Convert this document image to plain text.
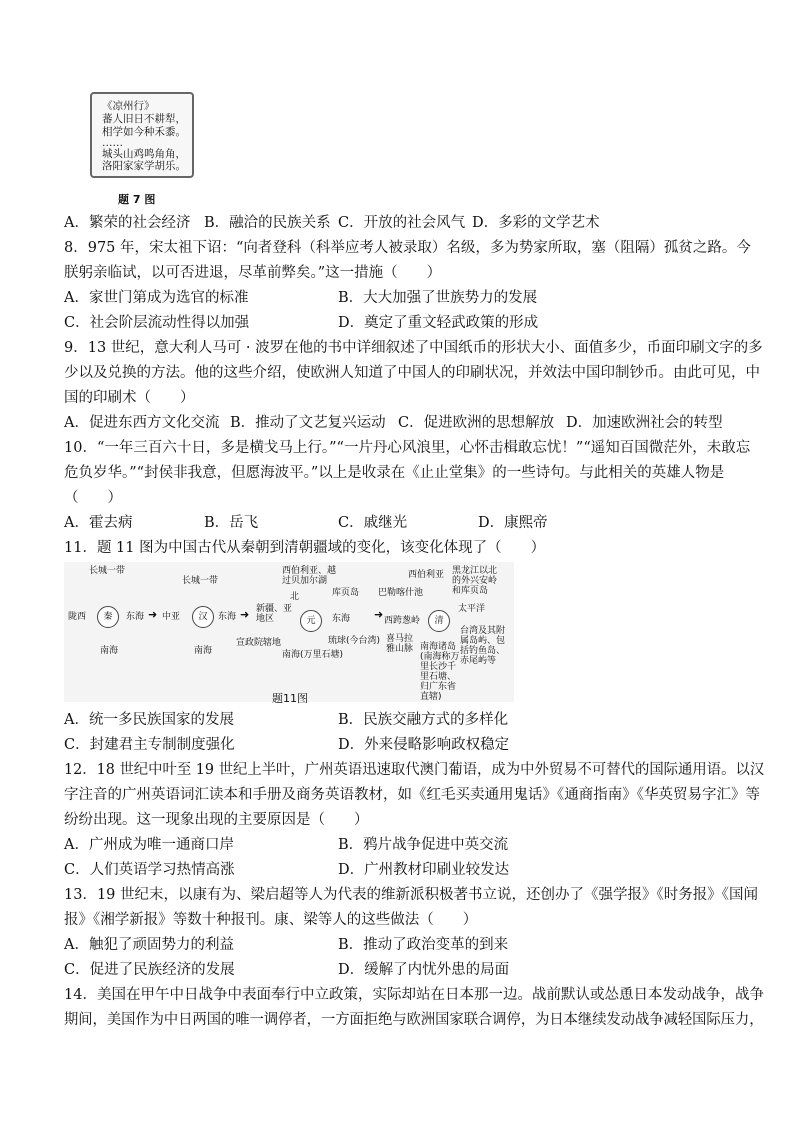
《凉州行》
蕃人旧日不耕犁，
相学如今种禾黍。
……
城头山鸡鸣角角，
洛阳家家学胡乐。
题 7 图
A．繁荣的社会经济 B．融洽的民族关系 C．开放的社会风气 D．多彩的文学艺术
8．975 年，宋太祖下诏：“向者登科（科举应考人被录取）名级，多为势家所取，塞（阻隔）孤贫之路。今
朕躬亲临试，以可否进退，尽革前弊矣。”这一措施（　　）
A．家世门第成为选官的标准	B．大大加强了世族势力的发展
C．社会阶层流动性得以加强	D．奠定了重文轻武政策的形成
9．13 世纪，意大利人马可 · 波罗在他的书中详细叙述了中国纸币的形状大小、面值多少，币面印刷文字的多
少以及兑换的方法。他的这些介绍，使欧洲人知道了中国人的印刷状况，并效法中国印制钞币。由此可见，中
国的印刷术（　　）
A．促进东西方文化交流 B．推动了文艺复兴运动 C．促进欧洲的思想解放 D．加速欧洲社会的转型
10．“一年三百六十日，多是横戈马上行。”“一片丹心风浪里，心怀击楫敢忘忧！”“遥知百国微茫外，未敢忘
危负岁华。”“封侯非我意，但愿海波平。”以上是收录在《止止堂集》的一些诗句。与此相关的英雄人物是
（　　）
A．霍去病	B．岳飞	C．戚继光	D．康熙帝
11．题 11 图为中国古代从秦朝到清朝疆域的变化，该变化体现了（　　）
秦
长城一带
陇西	东海
南海
➜	汉
长城一带
中亚	东海
南海
➜	元
西伯利亚、越过贝加尔湖
北	库页岛
新疆、亚地区	东海
宣政院辖地	琉球(今台湾)
南海(万里石塘)
➜	清
西伯利亚 黑龙江以北的外兴安岭和库页岛
巴勒喀什池
太平洋
西跨葱岭
喜马拉雅山脉
台湾及其附属岛屿、包括钓鱼岛、赤尾屿等
南海诸岛(南海称万里长沙千里石塘、归广东省直辖)
题11图
A．统一多民族国家的发展	B．民族交融方式的多样化
C．封建君主专制制度强化	D．外来侵略影响政权稳定
12．18 世纪中叶至 19 世纪上半叶，广州英语迅速取代澳门葡语，成为中外贸易不可替代的国际通用语。以汉
字注音的广州英语词汇读本和手册及商务英语教材，如《红毛买卖通用鬼话》《通商指南》《华英贸易字汇》等
纷纷出现。这一现象出现的主要原因是（　　）
A．广州成为唯一通商口岸	B．鸦片战争促进中英交流
C．人们英语学习热情高涨	D．广州教材印刷业较发达
13．19 世纪末，以康有为、梁启超等人为代表的维新派积极著书立说，还创办了《强学报》《时务报》《国闻
报》《湘学新报》等数十种报刊。康、梁等人的这些做法（　　）
A．触犯了顽固势力的利益	B．推动了政治变革的到来
C．促进了民族经济的发展	D．缓解了内忧外患的局面
14．美国在甲午中日战争中表面奉行中立政策，实际却站在日本那一边。战前默认或怂恿日本发动战争，战争
期间，美国作为中日两国的唯一调停者，一方面拒绝与欧洲国家联合调停，为日本继续发动战争减轻国际压力，
